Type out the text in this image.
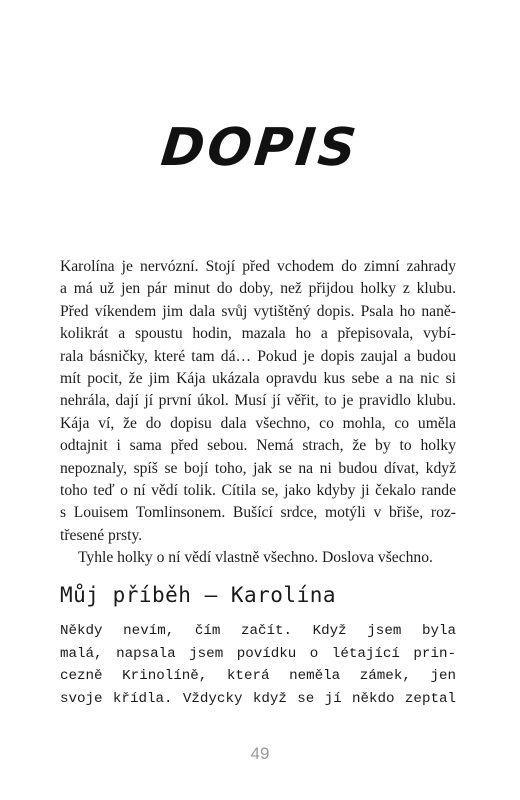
DOPIS
Karolína je nervózní. Stojí před vchodem do zimní zahrady
a má už jen pár minut do doby, než přijdou holky z klubu.
Před víkendem jim dala svůj vytištěný dopis. Psala ho naně-
kolikrát a spoustu hodin, mazala ho a přepisovala, vybí-
rala básničky, které tam dá… Pokud je dopis zaujal a budou
mít pocit, že jim Kája ukázala opravdu kus sebe a na nic si
nehrála, dají jí první úkol. Musí jí věřit, to je pravidlo klubu.
Kája ví, že do dopisu dala všechno, co mohla, co uměla
odtajnit i sama před sebou. Nemá strach, že by to holky
nepoznaly, spíš se bojí toho, jak se na ni budou dívat, když
toho teď o ní vědí tolik. Cítila se, jako kdyby ji čekalo rande
s Louisem Tomlinsonem. Bušící srdce, motýli v břiše, roz-
třesené prsty.
Tyhle holky o ní vědí vlastně všechno. Doslova všechno.
Můj příběh – Karolína
Někdy nevím, čím začít. Když jsem byla
malá, napsala jsem povídku o létající prin-
cezně Krinolíně, která neměla zámek, jen
svoje křídla. Vždycky když se jí někdo zeptal
49
